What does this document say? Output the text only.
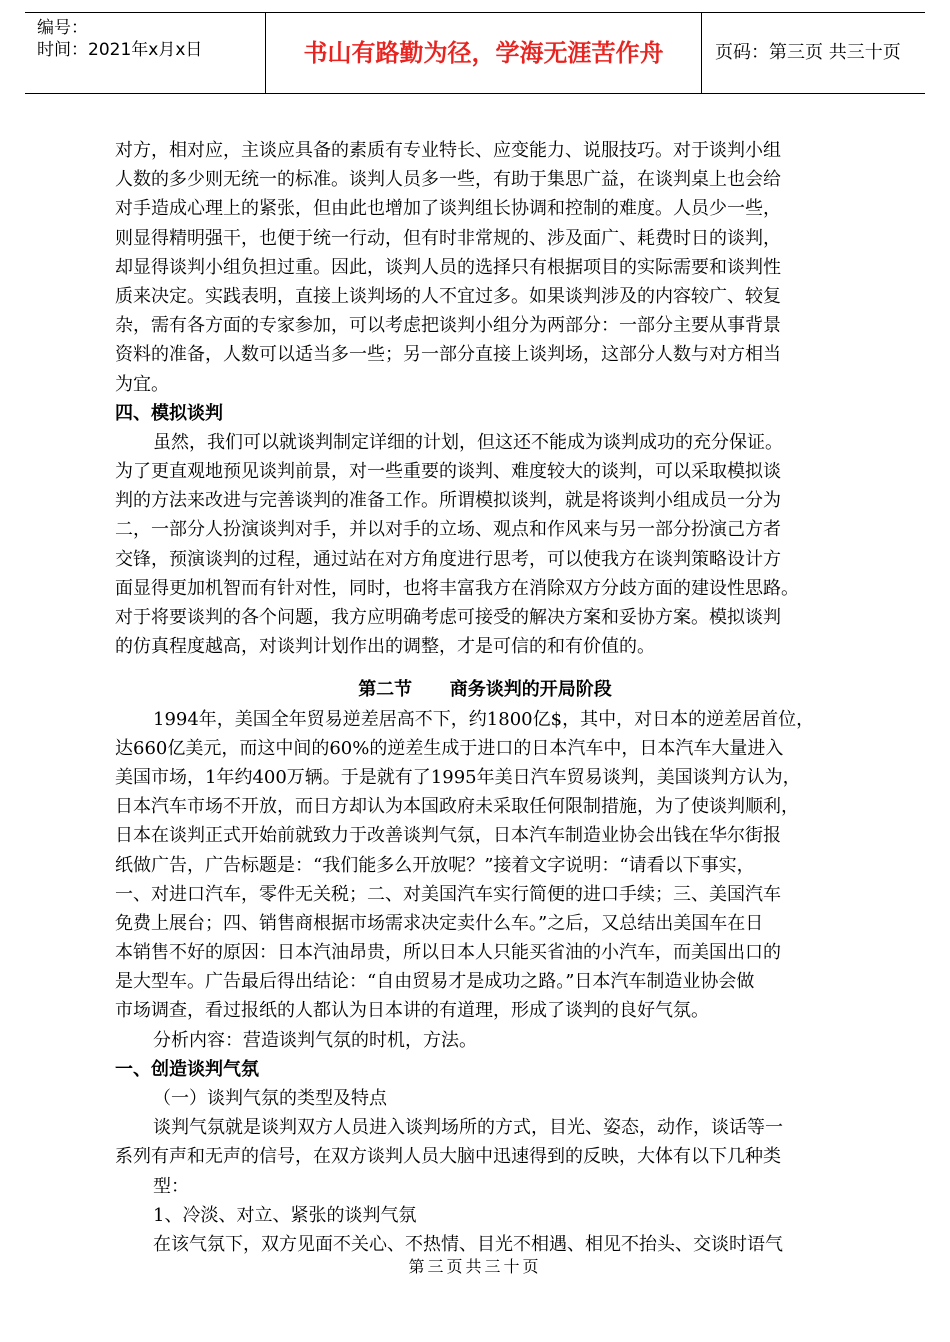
编号：
时间：2021年x月x日	书山有路勤为径，学海无涯苦作舟	页码：第三页 共三十页
对方，相对应，主谈应具备的素质有专业特长、应变能力、说服技巧。对于谈判小组
人数的多少则无统一的标准。谈判人员多一些，有助于集思广益，在谈判桌上也会给
对手造成心理上的紧张，但由此也增加了谈判组长协调和控制的难度。人员少一些，
则显得精明强干，也便于统一行动，但有时非常规的、涉及面广、耗费时日的谈判，
却显得谈判小组负担过重。因此，谈判人员的选择只有根据项目的实际需要和谈判性
质来决定。实践表明，直接上谈判场的人不宜过多。如果谈判涉及的内容较广、较复
杂，需有各方面的专家参加，可以考虑把谈判小组分为两部分：一部分主要从事背景
资料的准备，人数可以适当多一些；另一部分直接上谈判场，这部分人数与对方相当
为宜。
四、模拟谈判
虽然，我们可以就谈判制定详细的计划，但这还不能成为谈判成功的充分保证。
为了更直观地预见谈判前景，对一些重要的谈判、难度较大的谈判，可以采取模拟谈
判的方法来改进与完善谈判的准备工作。所谓模拟谈判，就是将谈判小组成员一分为
二，一部分人扮演谈判对手，并以对手的立场、观点和作风来与另一部分扮演己方者
交锋，预演谈判的过程，通过站在对方角度进行思考，可以使我方在谈判策略设计方
面显得更加机智而有针对性，同时，也将丰富我方在消除双方分歧方面的建设性思路。
对于将要谈判的各个问题，我方应明确考虑可接受的解决方案和妥协方案。模拟谈判
的仿真程度越高，对谈判计划作出的调整，才是可信的和有价值的。
第二节      商务谈判的开局阶段
1994年，美国全年贸易逆差居高不下，约1800亿$，其中，对日本的逆差居首位，
达660亿美元，而这中间的60%的逆差生成于进口的日本汽车中，日本汽车大量进入
美国市场，1年约400万辆。于是就有了1995年美日汽车贸易谈判，美国谈判方认为，
日本汽车市场不开放，而日方却认为本国政府未采取任何限制措施，为了使谈判顺利，
日本在谈判正式开始前就致力于改善谈判气氛，日本汽车制造业协会出钱在华尔街报
纸做广告，广告标题是：“我们能多么开放呢？”接着文字说明：“请看以下事实，
一、对进口汽车，零件无关税；二、对美国汽车实行简便的进口手续；三、美国汽车
免费上展台；四、销售商根据市场需求决定卖什么车。”之后，又总结出美国车在日
本销售不好的原因：日本汽油昂贵，所以日本人只能买省油的小汽车，而美国出口的
是大型车。广告最后得出结论：“自由贸易才是成功之路。”日本汽车制造业协会做
市场调查，看过报纸的人都认为日本讲的有道理，形成了谈判的良好气氛。
分析内容：营造谈判气氛的时机，方法。
一、创造谈判气氛
（一）谈判气氛的类型及特点
谈判气氛就是谈判双方人员进入谈判场所的方式，目光、姿态，动作，谈话等一
系列有声和无声的信号，在双方谈判人员大脑中迅速得到的反映，大体有以下几种类
型：
1、冷淡、对立、紧张的谈判气氛
在该气氛下，双方见面不关心、不热情、目光不相遇、相见不抬头、交谈时语气
第三页共三十页
